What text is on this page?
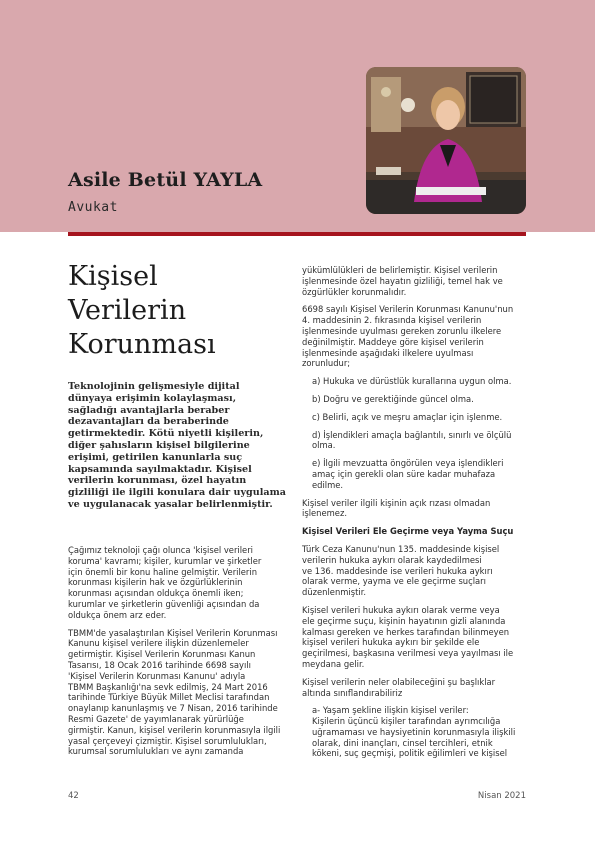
Asile Betül YAYLA
Avukat
Kişisel
Verilerin
Korunması
Teknolojinin gelişmesiyle dijital
dünyaya erişimin kolaylaşması,
sağladığı avantajlarla beraber
dezavantajları da beraberinde
getirmektedir. Kötü niyetli kişilerin,
diğer şahısların kişisel bilgilerine
erişimi, getirilen kanunlarla suç
kapsamında sayılmaktadır. Kişisel
verilerin korunması, özel hayatın
gizliliği ile ilgili konulara dair uygulama
ve uygulanacak yasalar belirlenmiştir.
Çağımız teknoloji çağı olunca 'kişisel verileri
koruma' kavramı; kişiler, kurumlar ve şirketler
için önemli bir konu haline gelmiştir. Verilerin
korunması kişilerin hak ve özgürlüklerinin
korunması açısından oldukça önemli iken;
kurumlar ve şirketlerin güvenliği açısından da
oldukça önem arz eder.
TBMM'de yasalaştırılan Kişisel Verilerin Korunması
Kanunu kişisel verilere ilişkin düzenlemeler
getirmiştir. Kişisel Verilerin Korunması Kanun
Tasarısı, 18 Ocak 2016 tarihinde 6698 sayılı
'Kişisel Verilerin Korunması Kanunu' adıyla
TBMM Başkanlığı'na sevk edilmiş, 24 Mart 2016
tarihinde Türkiye Büyük Millet Meclisi tarafından
onaylanıp kanunlaşmış ve 7 Nisan, 2016 tarihinde
Resmi Gazete' de yayımlanarak yürürlüğe
girmiştir. Kanun, kişisel verilerin korunmasıyla ilgili
yasal çerçeveyi çizmiştir. Kişisel sorumlulukları,
kurumsal sorumlulukları ve aynı zamanda
yükümlülükleri de belirlemiştir. Kişisel verilerin
işlenmesinde özel hayatın gizliliği, temel hak ve
özgürlükler korunmalıdır.
6698 sayılı Kişisel Verilerin Korunması Kanunu'nun
4. maddesinin 2. fıkrasında kişisel verilerin
işlenmesinde uyulması gereken zorunlu ilkelere
değinilmiştir. Maddeye göre kişisel verilerin
işlenmesinde aşağıdaki ilkelere uyulması
zorunludur;
a) Hukuka ve dürüstlük kurallarına uygun olma.
b) Doğru ve gerektiğinde güncel olma.
c) Belirli, açık ve meşru amaçlar için işlenme.
d) İşlendikleri amaçla bağlantılı, sınırlı ve ölçülü
olma.
e) İlgili mevzuatta öngörülen veya işlendikleri
amaç için gerekli olan süre kadar muhafaza
edilme.
Kişisel veriler ilgili kişinin açık rızası olmadan
işlenemez.
Kişisel Verileri Ele Geçirme veya Yayma Suçu
Türk Ceza Kanunu'nun 135. maddesinde kişisel
verilerin hukuka aykırı olarak kaydedilmesi
ve 136. maddesinde ise verileri hukuka aykırı
olarak verme, yayma ve ele geçirme suçları
düzenlenmiştir.
Kişisel verileri hukuka aykırı olarak verme veya
ele geçirme suçu, kişinin hayatının gizli alanında
kalması gereken ve herkes tarafından bilinmeyen
kişisel verileri hukuka aykırı bir şekilde ele
geçirilmesi, başkasına verilmesi veya yayılması ile
meydana gelir.
Kişisel verilerin neler olabileceğini şu başlıklar
altında sınıflandırabiliriz
a- Yaşam şekline ilişkin kişisel veriler:
Kişilerin üçüncü kişiler tarafından ayrımcılığa
uğramaması ve haysiyetinin korunmasıyla ilişkili
olarak, dini inançları, cinsel tercihleri, etnik
kökeni, suç geçmişi, politik eğilimleri ve kişisel
42	Nisan 2021
